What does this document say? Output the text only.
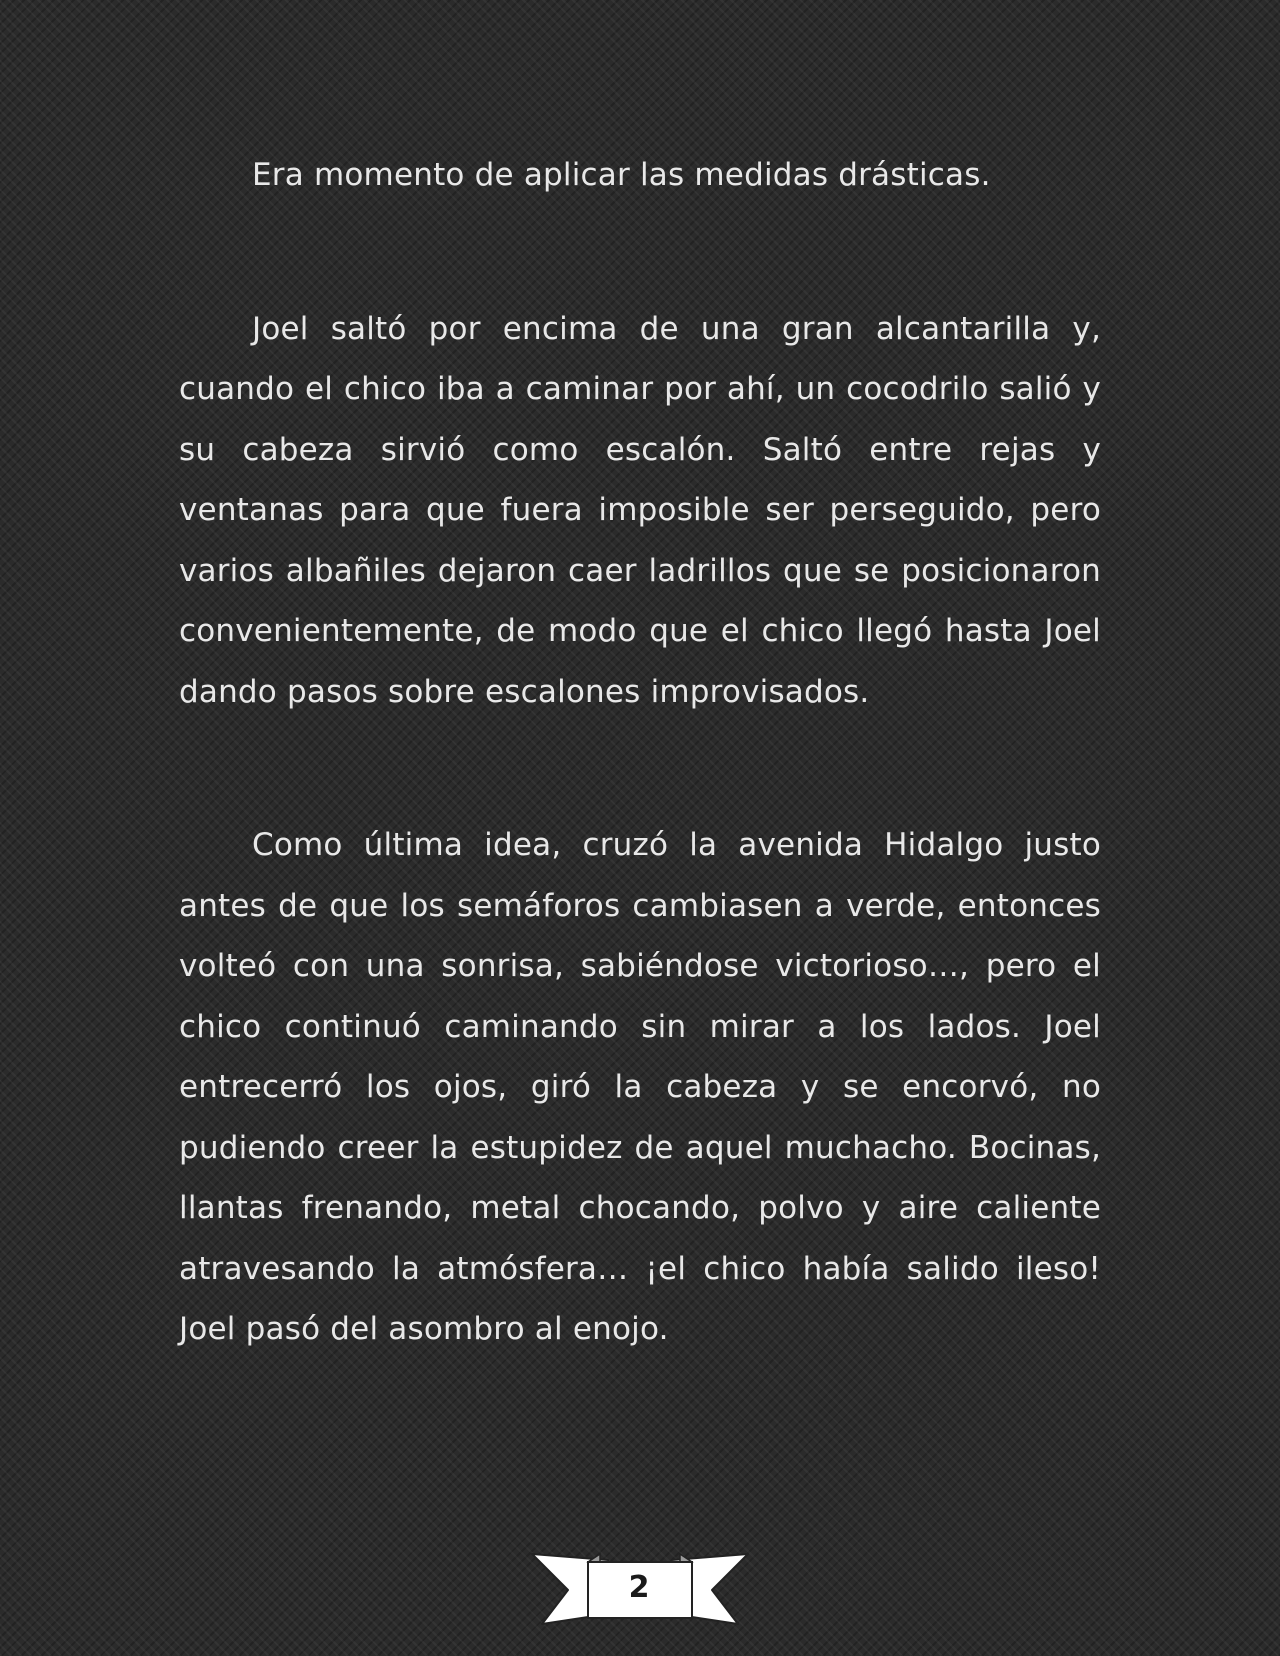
Era momento de aplicar las medidas drásticas.

Joel saltó por encima de una gran alcantarilla y, cuando el chico iba a caminar por ahí, un cocodrilo salió y su cabeza sirvió como escalón. Saltó entre rejas y ventanas para que fuera imposible ser perseguido, pero varios albañiles dejaron caer ladrillos que se posicionaron convenientemente, de modo que el chico llegó hasta Joel dando pasos sobre escalones improvisados.

Como última idea, cruzó la avenida Hidalgo justo antes de que los semáforos cambiasen a verde, entonces volteó con una sonrisa, sabiéndose victorioso…, pero el chico continuó caminando sin mirar a los lados. Joel entrecerró los ojos, giró la cabeza y se encorvó, no pudiendo creer la estupidez de aquel muchacho. Bocinas, llantas frenando, metal chocando, polvo y aire caliente atravesando la atmósfera… ¡el chico había salido ileso! Joel pasó del asombro al enojo.

2
